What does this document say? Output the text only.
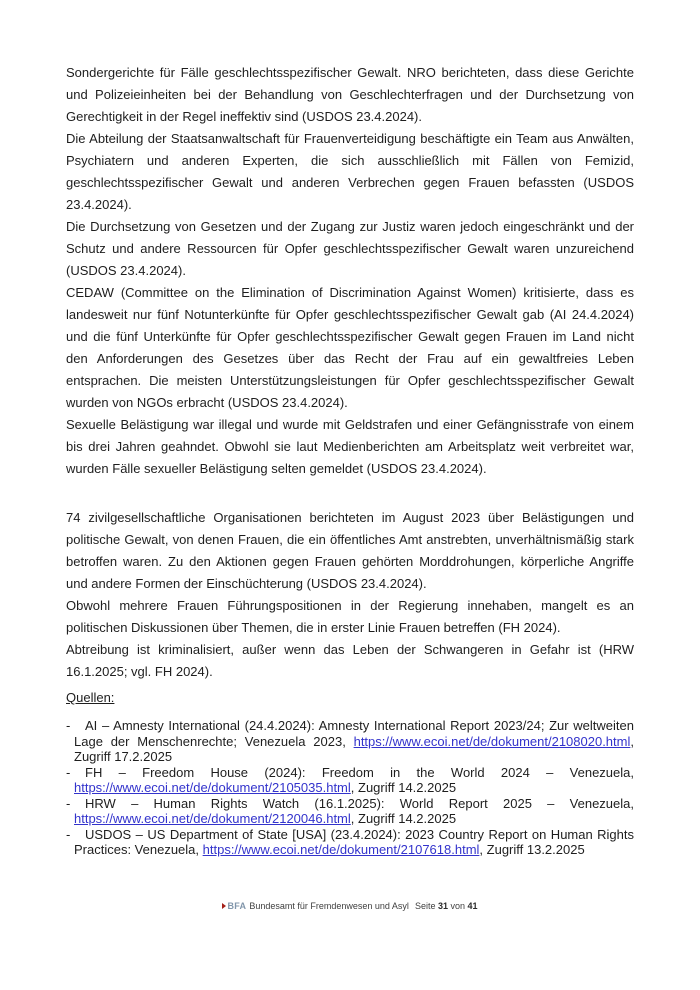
Sondergerichte für Fälle geschlechtsspezifischer Gewalt. NRO berichteten, dass diese Gerichte und Polizeieinheiten bei der Behandlung von Geschlechterfragen und der Durchsetzung von Gerechtigkeit in der Regel ineffektiv sind (USDOS 23.4.2024).

Die Abteilung der Staatsanwaltschaft für Frauenverteidigung beschäftigte ein Team aus Anwälten, Psychiatern und anderen Experten, die sich ausschließlich mit Fällen von Femizid, geschlechtsspezifischer Gewalt und anderen Verbrechen gegen Frauen befassten (USDOS 23.4.2024).

Die Durchsetzung von Gesetzen und der Zugang zur Justiz waren jedoch eingeschränkt und der Schutz und andere Ressourcen für Opfer geschlechtsspezifischer Gewalt waren unzureichend (USDOS 23.4.2024).

CEDAW (Committee on the Elimination of Discrimination Against Women) kritisierte, dass es landesweit nur fünf Notunterkünfte für Opfer geschlechtsspezifischer Gewalt gab (AI 24.4.2024) und die fünf Unterkünfte für Opfer geschlechtsspezifischer Gewalt gegen Frauen im Land nicht den Anforderungen des Gesetzes über das Recht der Frau auf ein gewaltfreies Leben entsprachen. Die meisten Unterstützungsleistungen für Opfer geschlechtsspezifischer Gewalt wurden von NGOs erbracht (USDOS 23.4.2024).

Sexuelle Belästigung war illegal und wurde mit Geldstrafen und einer Gefängnisstrafe von einem bis drei Jahren geahndet. Obwohl sie laut Medienberichten am Arbeitsplatz weit verbreitet war, wurden Fälle sexueller Belästigung selten gemeldet (USDOS 23.4.2024).

74 zivilgesellschaftliche Organisationen berichteten im August 2023 über Belästigungen und politische Gewalt, von denen Frauen, die ein öffentliches Amt anstrebten, unverhältnismäßig stark betroffen waren. Zu den Aktionen gegen Frauen gehörten Morddrohungen, körperliche Angriffe und andere Formen der Einschüchterung (USDOS 23.4.2024).

Obwohl mehrere Frauen Führungspositionen in der Regierung innehaben, mangelt es an politischen Diskussionen über Themen, die in erster Linie Frauen betreffen (FH 2024).

Abtreibung ist kriminalisiert, außer wenn das Leben der Schwangeren in Gefahr ist (HRW 16.1.2025; vgl. FH 2024).

Quellen:
- AI – Amnesty International (24.4.2024): Amnesty International Report 2023/24; Zur weltweiten Lage der Menschenrechte; Venezuela 2023, https://www.ecoi.net/de/dokument/2108020.html, Zugriff 17.2.2025
- FH – Freedom House (2024): Freedom in the World 2024 – Venezuela, https://www.ecoi.net/de/dokument/2105035.html, Zugriff 14.2.2025
- HRW – Human Rights Watch (16.1.2025): World Report 2025 – Venezuela, https://www.ecoi.net/de/dokument/2120046.html, Zugriff 14.2.2025
- USDOS – US Department of State [USA] (23.4.2024): 2023 Country Report on Human Rights Practices: Venezuela, https://www.ecoi.net/de/dokument/2107618.html, Zugriff 13.2.2025
BFA Bundesamt für Fremdenwesen und Asyl Seite 31 von 41
